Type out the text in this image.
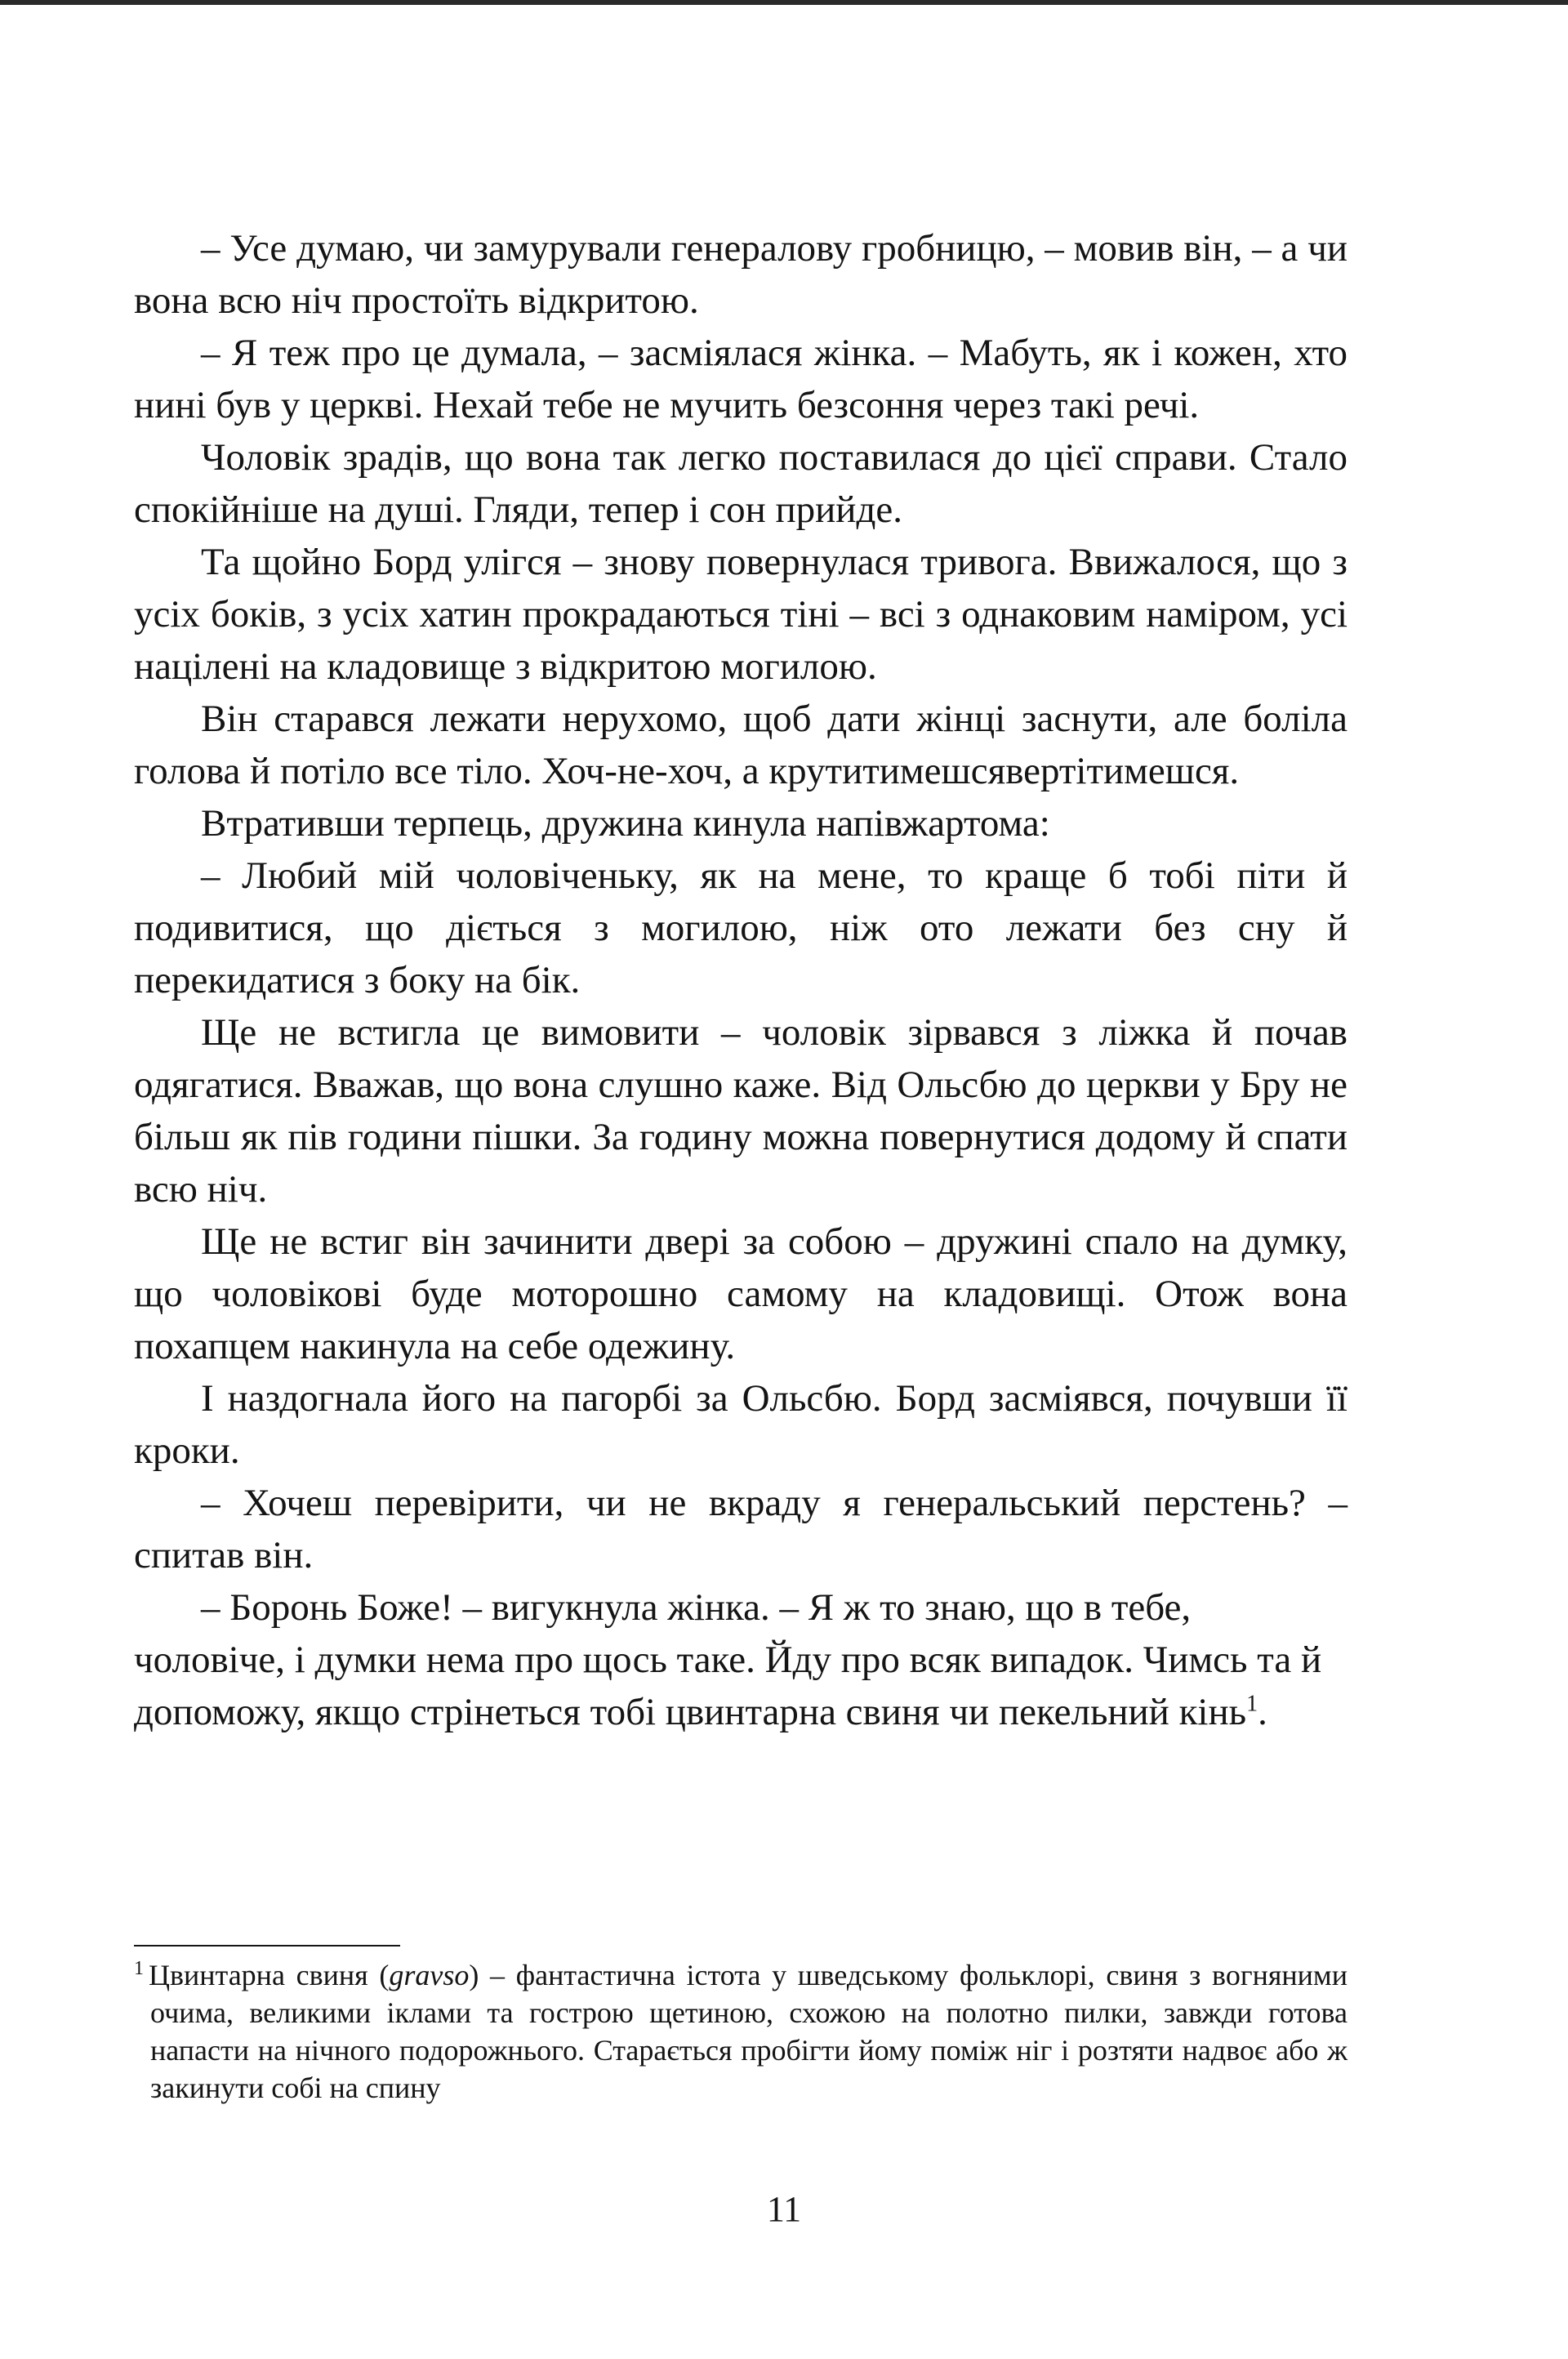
– Усе думаю, чи замурували генералову гробницю, – мовив він, – а чи вона всю ніч простоїть відкритою.

– Я теж про це думала, – засміялася жінка. – Мабуть, як і кожен, хто нині був у церкві. Нехай тебе не мучить безсоння через такі речі.

Чоловік зрадів, що вона так легко поставилася до цієї справи. Стало спокійніше на душі. Гляди, тепер і сон прийде.

Та щойно Борд улігся – знову повернулася тривога. Ввижалося, що з усіх боків, з усіх хатин прокрадаються тіні – всі з однаковим наміром, усі націлені на кладовище з відкритою могилою.

Він старався лежати нерухомо, щоб дати жінці заснути, але боліла голова й потіло все тіло. Хоч-не-хоч, а крутитимешсявертітимешся.

Втративши терпець, дружина кинула напівжартома:

– Любий мій чоловіченьку, як на мене, то краще б тобі піти й подивитися, що діється з могилою, ніж ото лежати без сну й перекидатися з боку на бік.

Ще не встигла це вимовити – чоловік зірвався з ліжка й почав одягатися. Вважав, що вона слушно каже. Від Ольсбю до церкви у Бру не більш як пів години пішки. За годину можна повернутися додому й спати всю ніч.

Ще не встиг він зачинити двері за собою – дружині спало на думку, що чоловікові буде моторошно самому на кладовищі. Отож вона похапцем накинула на себе одежину.

І наздогнала його на пагорбі за Ольсбю. Борд засміявся, почувши її кроки.

– Хочеш перевірити, чи не вкраду я генеральський перстень? – спитав він.

– Боронь Боже! – вигукнула жінка. – Я ж то знаю, що в тебе, чоловіче, і думки нема про щось таке. Йду про всяк випадок. Чимсь та й допоможу, якщо стрінеться тобі цвинтарна свиня чи пекельний кінь$^1$.

$^1$ Цвинтарна свиня (gravso) – фантастична істота у шведському фольклорі, свиня з вогняними очима, великими іклами та гострою щетиною, схожою на полотно пилки, завжди готова напасти на нічного подорожнього. Старається пробігти йому поміж ніг і розтяти надвоє або ж закинути собі на спину

11
